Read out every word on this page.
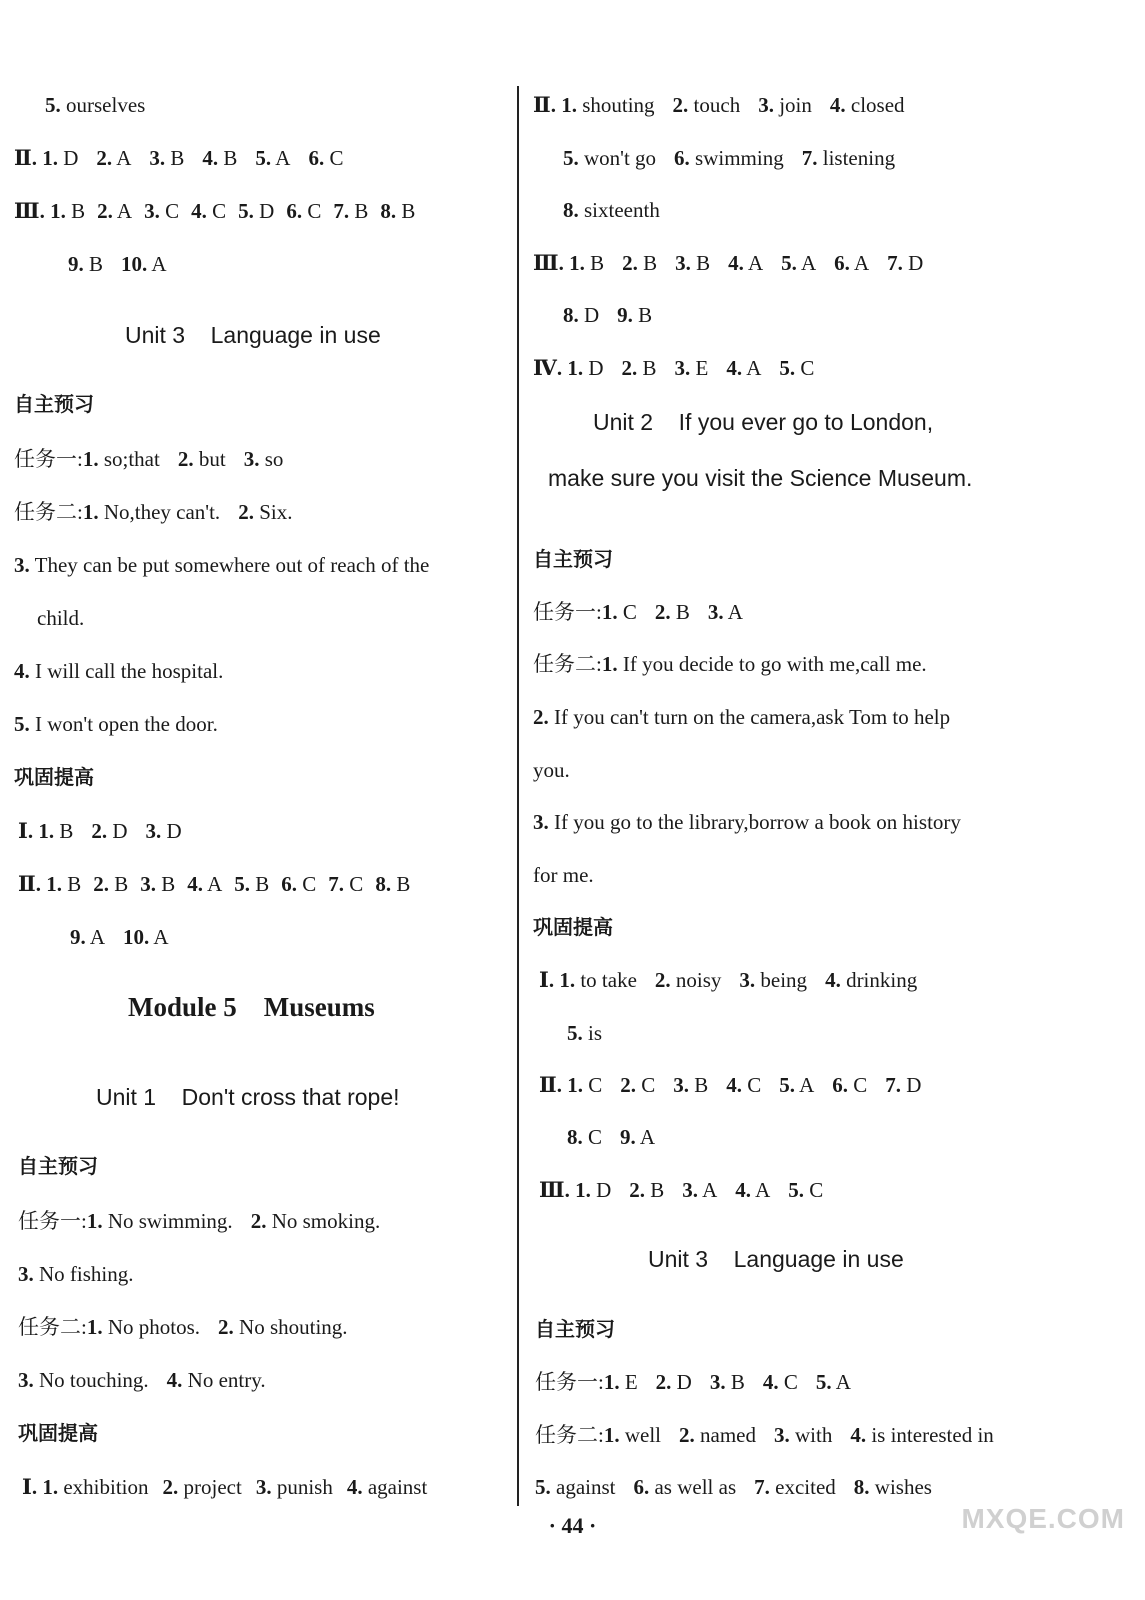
5. ourselves
Ⅱ. 1. D 2. A 3. B 4. B 5. A 6. C
Ⅲ. 1. B 2. A 3. C 4. C 5. D 6. C 7. B 8. B
9. B 10. A
Unit 3    Language in use
自主预习
任务一:1. so;that 2. but 3. so
任务二:1. No,they can't. 2. Six.
3. They can be put somewhere out of reach of the
child.
4. I will call the hospital.
5. I won't open the door.
巩固提高
Ⅰ. 1. B 2. D 3. D
Ⅱ. 1. B 2. B 3. B 4. A 5. B 6. C 7. C 8. B
9. A 10. A
Module 5    Museums
Unit 1    Don't cross that rope!
自主预习
任务一:1. No swimming. 2. No smoking.
3. No fishing.
任务二:1. No photos. 2. No shouting.
3. No touching. 4. No entry.
巩固提高
Ⅰ. 1. exhibition 2. project 3. punish 4. against
Ⅱ. 1. shouting 2. touch 3. join 4. closed
5. won't go 6. swimming 7. listening
8. sixteenth
Ⅲ. 1. B 2. B 3. B 4. A 5. A 6. A 7. D
8. D 9. B
Ⅳ. 1. D 2. B 3. E 4. A 5. C
Unit 2    If you ever go to London,
make sure you visit the Science Museum.
自主预习
任务一:1. C 2. B 3. A
任务二:1. If you decide to go with me,call me.
2. If you can't turn on the camera,ask Tom to help
you.
3. If you go to the library,borrow a book on history
for me.
巩固提高
Ⅰ. 1. to take 2. noisy 3. being 4. drinking
5. is
Ⅱ. 1. C 2. C 3. B 4. C 5. A 6. C 7. D
8. C 9. A
Ⅲ. 1. D 2. B 3. A 4. A 5. C
Unit 3    Language in use
自主预习
任务一:1. E 2. D 3. B 4. C 5. A
任务二:1. well 2. named 3. with 4. is interested in
5. against 6. as well as 7. excited 8. wishes
· 44 ·	MXQE.COM
